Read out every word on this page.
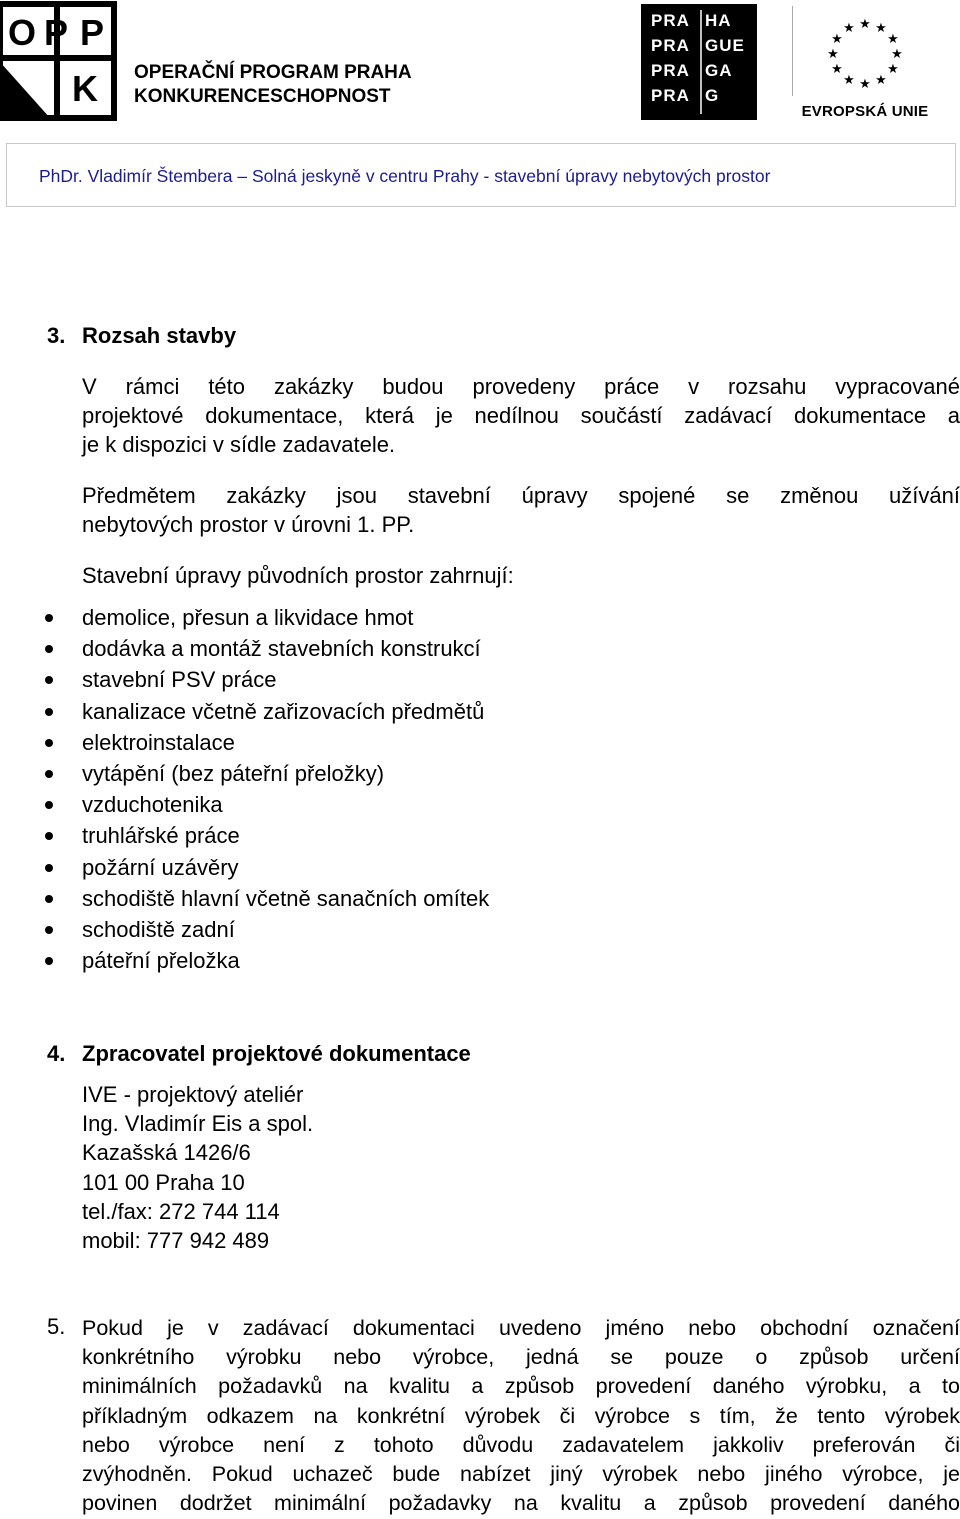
O P P
K OPERAČNÍ PROGRAM PRAHA
KONKURENCESCHOPNOST
PRA HA
PRA GUE
PRA GA
PRA G
★ ★
★
★
★
★
★
★
★
★
★
★
EVROPSKÁ UNIE
PhDr. Vladimír Štembera – Solná jeskyně v centru Prahy - stavební úpravy nebytových prostor
3. Rozsah stavby
V rámci této zakázky budou provedeny práce v rozsahu vypracované
projektové dokumentace, která je nedílnou součástí zadávací dokumentace a
je k dispozici v sídle zadavatele.
Předmětem zakázky jsou stavební úpravy spojené se změnou užívání
nebytových prostor v úrovni 1. PP.
Stavební úpravy původních prostor zahrnují:
demolice, přesun a likvidace hmot
dodávka a montáž stavebních konstrukcí
stavební PSV práce
kanalizace včetně zařizovacích předmětů
elektroinstalace
vytápění (bez páteřní přeložky)
vzduchotenika
truhlářské práce
požární uzávěry
schodiště hlavní včetně sanačních omítek
schodiště zadní
páteřní přeložka
4. Zpracovatel projektové dokumentace
IVE - projektový ateliér
Ing. Vladimír Eis a spol.
Kazašská 1426/6
101 00 Praha 10
tel./fax: 272 744 114
mobil: 777 942 489
5. Pokud je v zadávací dokumentaci uvedeno jméno nebo obchodní označení
konkrétního výrobku nebo výrobce, jedná se pouze o způsob určení
minimálních požadavků na kvalitu a způsob provedení daného výrobku, a to
příkladným odkazem na konkrétní výrobek či výrobce s tím, že tento výrobek
nebo výrobce není z tohoto důvodu zadavatelem jakkoliv preferován či
zvýhodněn. Pokud uchazeč bude nabízet jiný výrobek nebo jiného výrobce, je
povinen dodržet minimální požadavky na kvalitu a způsob provedení daného
